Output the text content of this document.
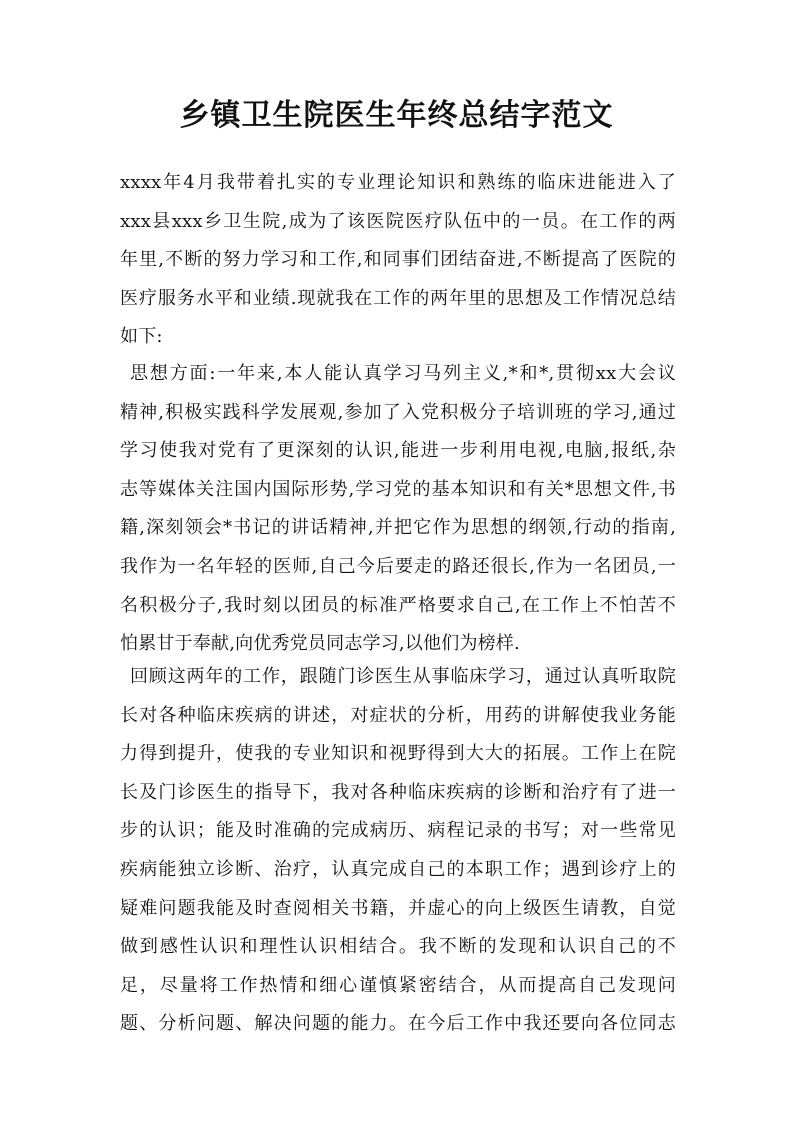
乡镇卫生院医生年终总结字范文
xxxx年4月我带着扎实的专业理论知识和熟练的临床进能进入了
xxx县xxx乡卫生院,成为了该医院医疗队伍中的一员。在工作的两
年里,不断的努力学习和工作,和同事们团结奋进,不断提高了医院的
医疗服务水平和业绩.现就我在工作的两年里的思想及工作情况总结
如下:
思想方面:一年来,本人能认真学习马列主义,*和*,贯彻xx大会议
精神,积极实践科学发展观,参加了入党积极分子培训班的学习,通过
学习使我对党有了更深刻的认识,能进一步利用电视,电脑,报纸,杂
志等媒体关注国内国际形势,学习党的基本知识和有关*思想文件,书
籍,深刻领会*书记的讲话精神,并把它作为思想的纲领,行动的指南,
我作为一名年轻的医师,自己今后要走的路还很长,作为一名团员,一
名积极分子,我时刻以团员的标准严格要求自己,在工作上不怕苦不
怕累甘于奉献,向优秀党员同志学习,以他们为榜样.
回顾这两年的工作，跟随门诊医生从事临床学习，通过认真听取院
长对各种临床疾病的讲述，对症状的分析，用药的讲解使我业务能
力得到提升，使我的专业知识和视野得到大大的拓展。工作上在院
长及门诊医生的指导下，我对各种临床疾病的诊断和治疗有了进一
步的认识；能及时准确的完成病历、病程记录的书写；对一些常见
疾病能独立诊断、治疗，认真完成自己的本职工作；遇到诊疗上的
疑难问题我能及时查阅相关书籍，并虚心的向上级医生请教，自觉
做到感性认识和理性认识相结合。我不断的发现和认识自己的不
足，尽量将工作热情和细心谨慎紧密结合，从而提高自己发现问
题、分析问题、解决问题的能力。在今后工作中我还要向各位同志
